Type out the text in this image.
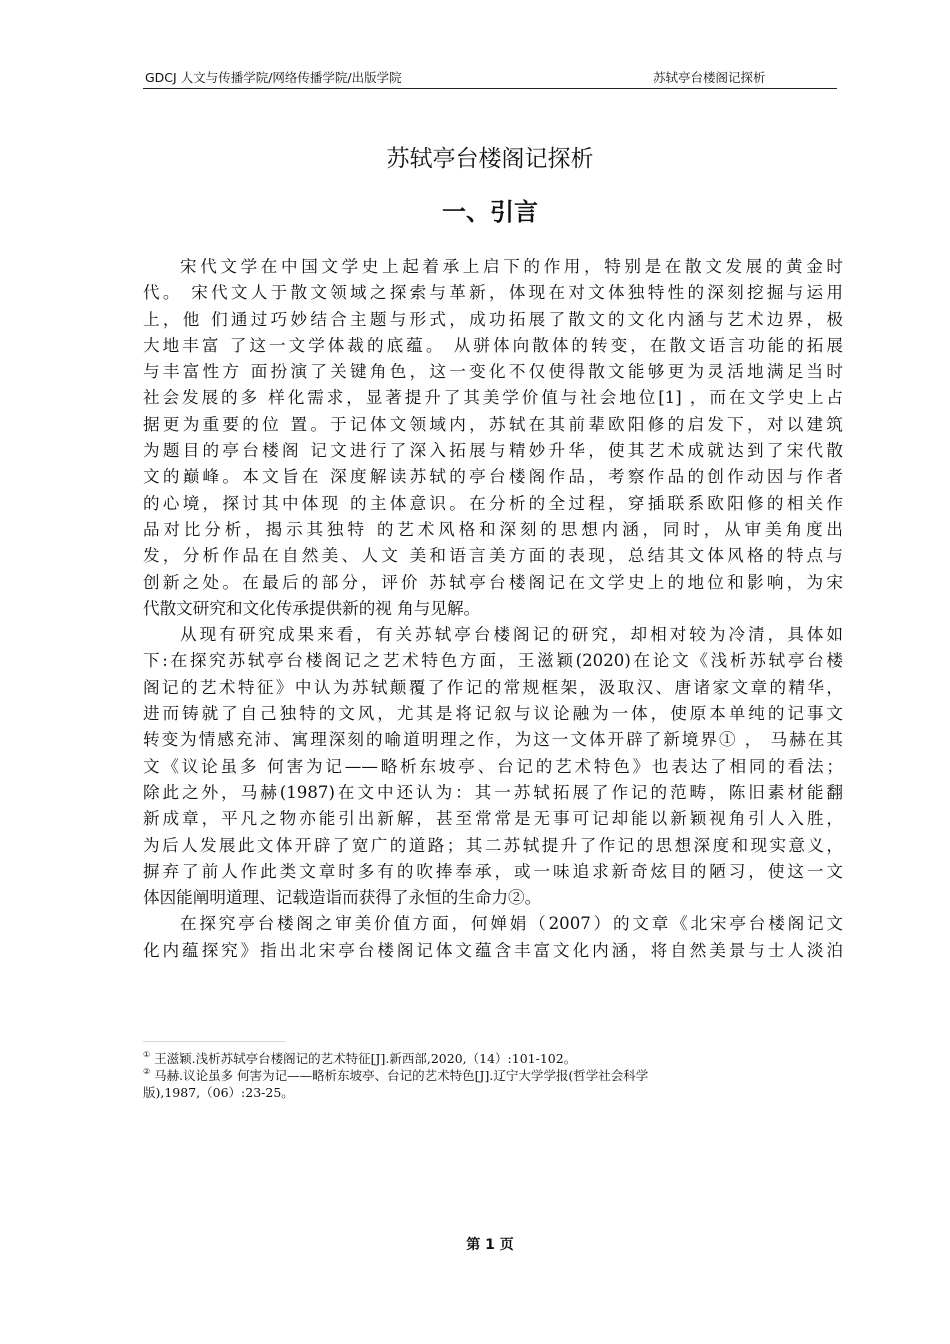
GDCJ 人文与传播学院/网络传播学院/出版学院	苏轼亭台楼阁记探析
苏轼亭台楼阁记探析
一、引言
宋代文学在中国文学史上起着承上启下的作用，特别是在散文发展的黄金时
代。 宋代文人于散文领域之探索与革新，体现在对文体独特性的深刻挖掘与运用
上，他 们通过巧妙结合主题与形式，成功拓展了散文的文化内涵与艺术边界，极
大地丰富 了这一文学体裁的底蕴。 从骈体向散体的转变，在散文语言功能的拓展
与丰富性方 面扮演了关键角色，这一变化不仅使得散文能够更为灵活地满足当时
社会发展的多 样化需求，显著提升了其美学价值与社会地位[1] ，而在文学史上占
据更为重要的位 置。于记体文领域内，苏轼在其前辈欧阳修的启发下，对以建筑
为题目的亭台楼阁 记文进行了深入拓展与精妙升华，使其艺术成就达到了宋代散
文的巅峰。本文旨在 深度解读苏轼的亭台楼阁作品，考察作品的创作动因与作者
的心境，探讨其中体现 的主体意识。在分析的全过程，穿插联系欧阳修的相关作
品对比分析，揭示其独特 的艺术风格和深刻的思想内涵，同时，从审美角度出
发，分析作品在自然美、人文 美和语言美方面的表现，总结其文体风格的特点与
创新之处。在最后的部分，评价 苏轼亭台楼阁记在文学史上的地位和影响，为宋
代散文研究和文化传承提供新的视 角与见解。
从现有研究成果来看，有关苏轼亭台楼阁记的研究，却相对较为冷清，具体如
下:在探究苏轼亭台楼阁记之艺术特色方面，王滋颖(2020)在论文《浅析苏轼亭台楼
阁记的艺术特征》中认为苏轼颠覆了作记的常规框架，汲取汉、唐诸家文章的精华，
进而铸就了自己独特的文风，尤其是将记叙与议论融为一体，使原本单纯的记事文
转变为情感充沛、寓理深刻的喻道明理之作，为这一文体开辟了新境界① ， 马赫在其
文《议论虽多 何害为记——略析东坡亭、台记的艺术特色》也表达了相同的看法；
除此之外，马赫(1987)在文中还认为：其一苏轼拓展了作记的范畴，陈旧素材能翻
新成章，平凡之物亦能引出新解，甚至常常是无事可记却能以新颖视角引人入胜，
为后人发展此文体开辟了宽广的道路；其二苏轼提升了作记的思想深度和现实意义，
摒弃了前人作此类文章时多有的吹捧奉承，或一味追求新奇炫目的陋习，使这一文
体因能阐明道理、记载造诣而获得了永恒的生命力②。
在探究亭台楼阁之审美价值方面，何婵娟（2007）的文章《北宋亭台楼阁记文
化内蕴探究》指出北宋亭台楼阁记体文蕴含丰富文化内涵，将自然美景与士人淡泊
① 王滋颖.浅析苏轼亭台楼阁记的艺术特征[J].新西部,2020,（14）:101-102。
② 马赫.议论虽多 何害为记——略析东坡亭、台记的艺术特色[J].辽宁大学学报(哲学社会科学
版),1987,（06）:23-25。
第 1 页
